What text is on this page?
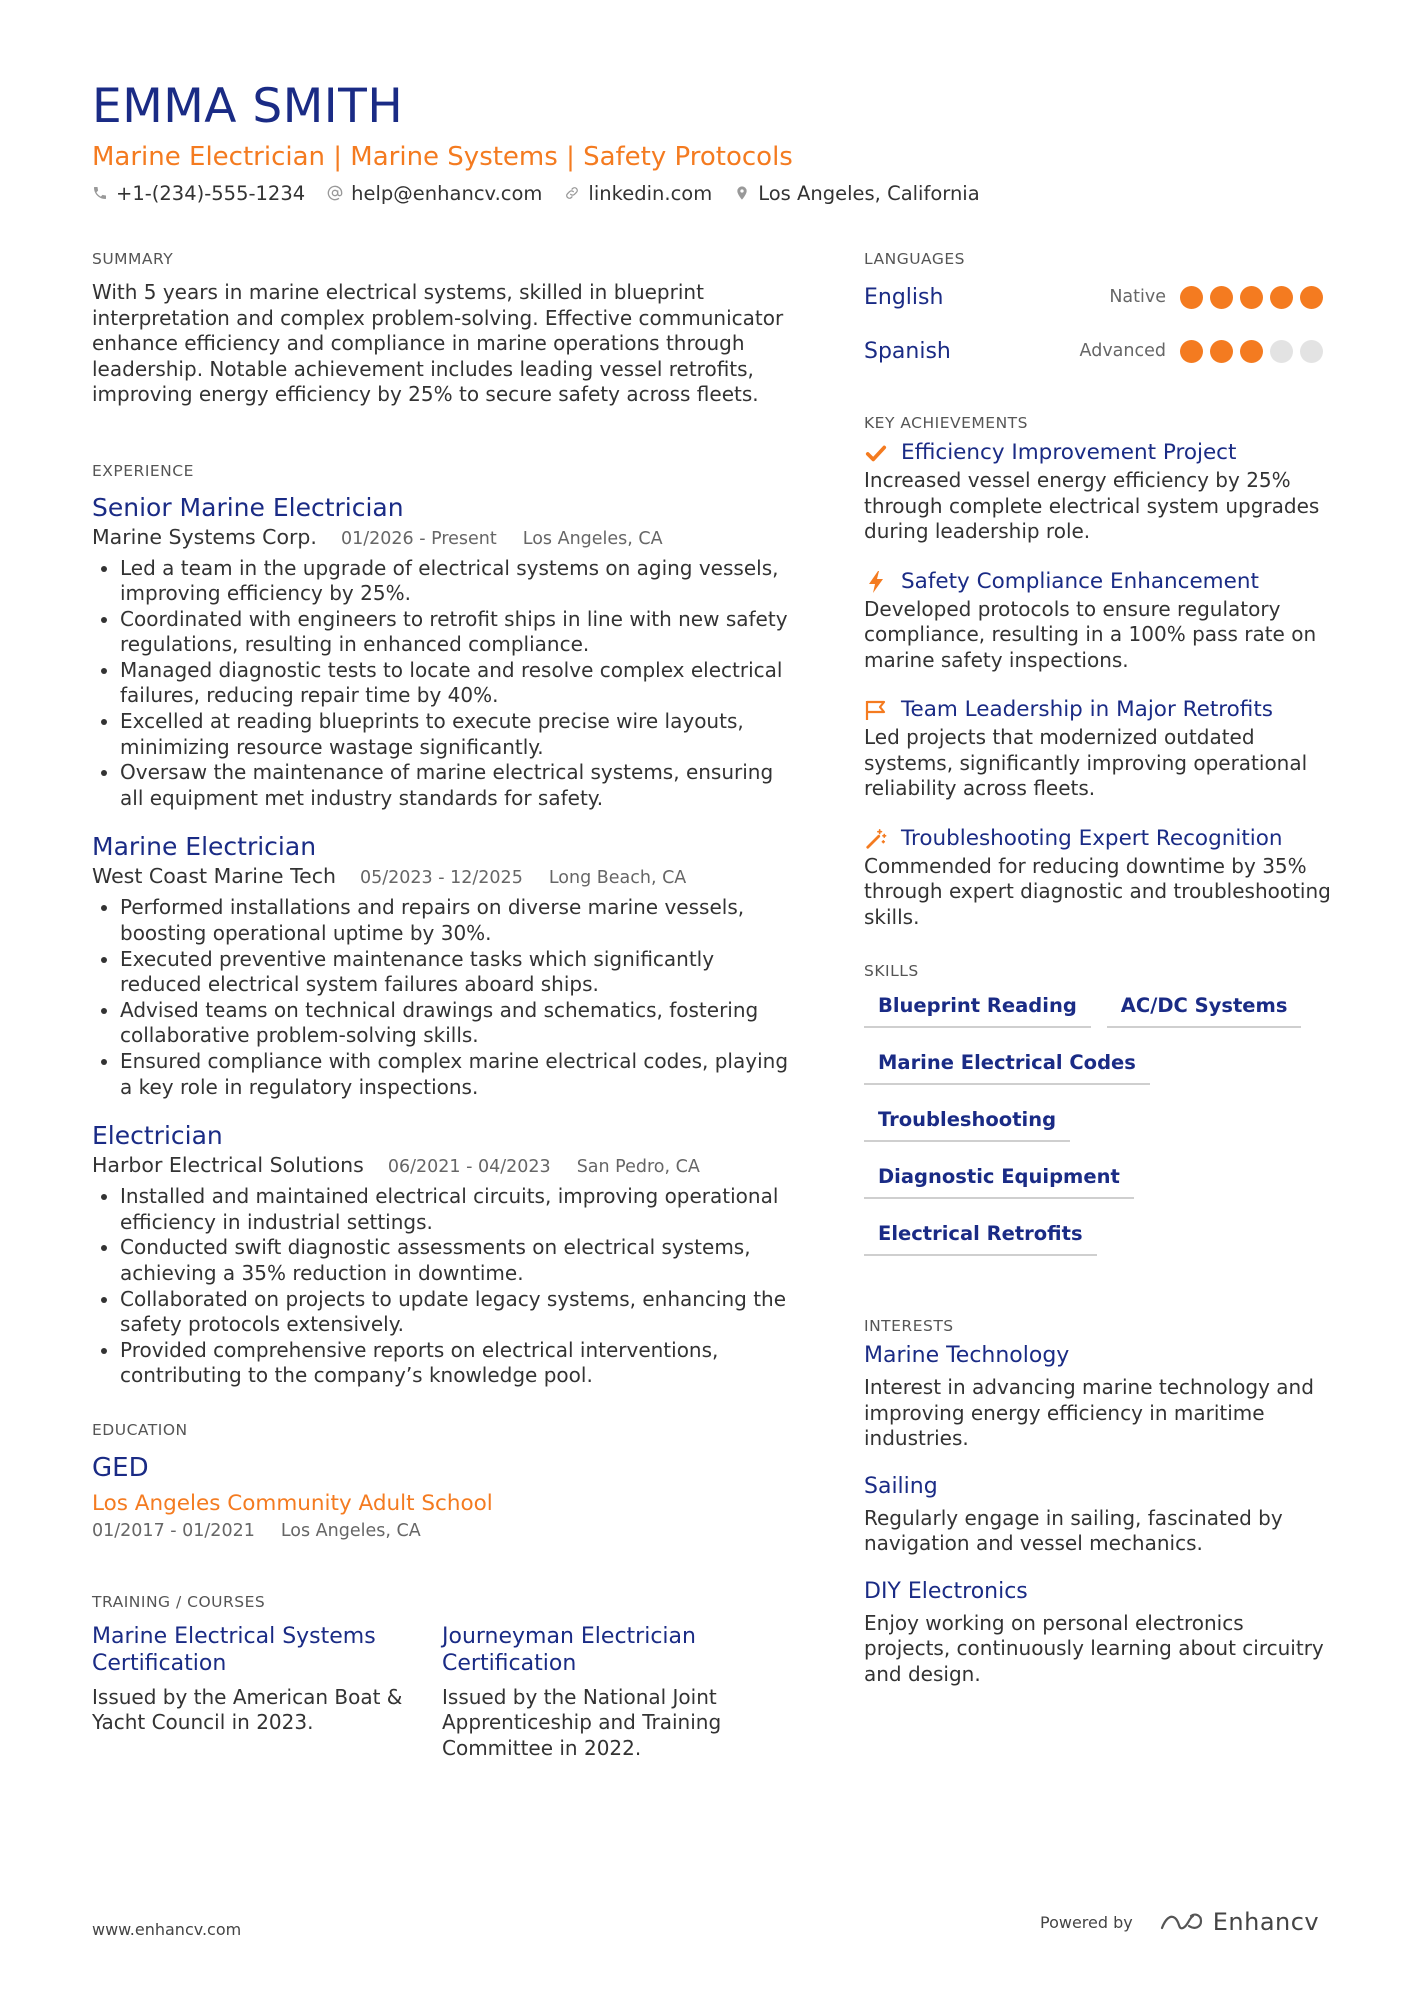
EMMA SMITH
Marine Electrician | Marine Systems | Safety Protocols
+1-(234)-555-1234 help@enhancv.com linkedin.com Los Angeles, California
SUMMARY
With 5 years in marine electrical systems, skilled in blueprint interpretation and complex problem-solving. Effective communicator enhance efficiency and compliance in marine operations through leadership. Notable achievement includes leading vessel retrofits, improving energy efficiency by 25% to secure safety across fleets.
EXPERIENCE
Senior Marine Electrician
Marine Systems Corp. 01/2026 - Present Los Angeles, CA
• Led a team in the upgrade of electrical systems on aging vessels, improving efficiency by 25%.
• Coordinated with engineers to retrofit ships in line with new safety regulations, resulting in enhanced compliance.
• Managed diagnostic tests to locate and resolve complex electrical failures, reducing repair time by 40%.
• Excelled at reading blueprints to execute precise wire layouts, minimizing resource wastage significantly.
• Oversaw the maintenance of marine electrical systems, ensuring all equipment met industry standards for safety.
Marine Electrician
West Coast Marine Tech 05/2023 - 12/2025 Long Beach, CA
• Performed installations and repairs on diverse marine vessels, boosting operational uptime by 30%.
• Executed preventive maintenance tasks which significantly reduced electrical system failures aboard ships.
• Advised teams on technical drawings and schematics, fostering collaborative problem-solving skills.
• Ensured compliance with complex marine electrical codes, playing a key role in regulatory inspections.
Electrician
Harbor Electrical Solutions 06/2021 - 04/2023 San Pedro, CA
• Installed and maintained electrical circuits, improving operational efficiency in industrial settings.
• Conducted swift diagnostic assessments on electrical systems, achieving a 35% reduction in downtime.
• Collaborated on projects to update legacy systems, enhancing the safety protocols extensively.
• Provided comprehensive reports on electrical interventions, contributing to the company’s knowledge pool.
EDUCATION
GED
Los Angeles Community Adult School
01/2017 - 01/2021 Los Angeles, CA
TRAINING / COURSES
Marine Electrical Systems Certification
Issued by the American Boat & Yacht Council in 2023.
Journeyman Electrician Certification
Issued by the National Joint Apprenticeship and Training Committee in 2022.
LANGUAGES
English	Native
Spanish	Advanced
KEY ACHIEVEMENTS
Efficiency Improvement Project
Increased vessel energy efficiency by 25% through complete electrical system upgrades during leadership role.
Safety Compliance Enhancement
Developed protocols to ensure regulatory compliance, resulting in a 100% pass rate on marine safety inspections.
Team Leadership in Major Retrofits
Led projects that modernized outdated systems, significantly improving operational reliability across fleets.
Troubleshooting Expert Recognition
Commended for reducing downtime by 35% through expert diagnostic and troubleshooting skills.
SKILLS
Blueprint Reading	AC/DC Systems
Marine Electrical Codes
Troubleshooting
Diagnostic Equipment
Electrical Retrofits
INTERESTS
Marine Technology
Interest in advancing marine technology and improving energy efficiency in maritime industries.
Sailing
Regularly engage in sailing, fascinated by navigation and vessel mechanics.
DIY Electronics
Enjoy working on personal electronics projects, continuously learning about circuitry and design.
www.enhancv.com	Powered by	Enhancv
